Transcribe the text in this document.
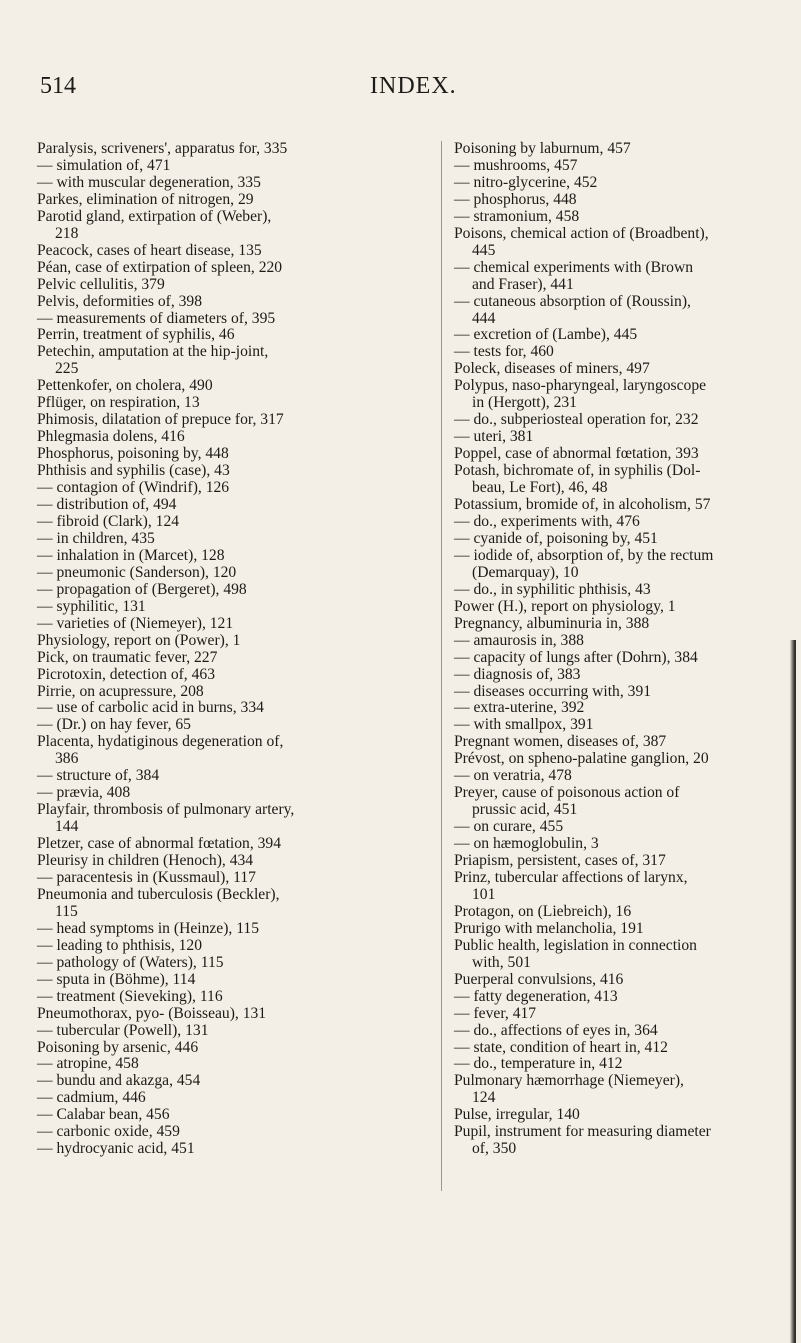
514	INDEX.
Paralysis, scriveners', apparatus for, 335
— simulation of, 471
— with muscular degeneration, 335
Parkes, elimination of nitrogen, 29
Parotid gland, extirpation of (Weber),
218
Peacock, cases of heart disease, 135
Péan, case of extirpation of spleen, 220
Pelvic cellulitis, 379
Pelvis, deformities of, 398
— measurements of diameters of, 395
Perrin, treatment of syphilis, 46
Petechin, amputation at the hip-joint,
225
Pettenkofer, on cholera, 490
Pflüger, on respiration, 13
Phimosis, dilatation of prepuce for, 317
Phlegmasia dolens, 416
Phosphorus, poisoning by, 448
Phthisis and syphilis (case), 43
— contagion of (Windrif), 126
— distribution of, 494
— fibroid (Clark), 124
— in children, 435
— inhalation in (Marcet), 128
— pneumonic (Sanderson), 120
— propagation of (Bergeret), 498
— syphilitic, 131
— varieties of (Niemeyer), 121
Physiology, report on (Power), 1
Pick, on traumatic fever, 227
Picrotoxin, detection of, 463
Pirrie, on acupressure, 208
— use of carbolic acid in burns, 334
— (Dr.) on hay fever, 65
Placenta, hydatiginous degeneration of,
386
— structure of, 384
— prævia, 408
Playfair, thrombosis of pulmonary artery,
144
Pletzer, case of abnormal fœtation, 394
Pleurisy in children (Henoch), 434
— paracentesis in (Kussmaul), 117
Pneumonia and tuberculosis (Beckler),
115
— head symptoms in (Heinze), 115
— leading to phthisis, 120
— pathology of (Waters), 115
— sputa in (Böhme), 114
— treatment (Sieveking), 116
Pneumothorax, pyo- (Boisseau), 131
— tubercular (Powell), 131
Poisoning by arsenic, 446
— atropine, 458
— bundu and akazga, 454
— cadmium, 446
— Calabar bean, 456
— carbonic oxide, 459
— hydrocyanic acid, 451
Poisoning by laburnum, 457
— mushrooms, 457
— nitro-glycerine, 452
— phosphorus, 448
— stramonium, 458
Poisons, chemical action of (Broadbent),
445
— chemical experiments with (Brown
and Fraser), 441
— cutaneous absorption of (Roussin),
444
— excretion of (Lambe), 445
— tests for, 460
Poleck, diseases of miners, 497
Polypus, naso-pharyngeal, laryngoscope
in (Hergott), 231
— do., subperiosteal operation for, 232
— uteri, 381
Poppel, case of abnormal fœtation, 393
Potash, bichromate of, in syphilis (Dol-
beau, Le Fort), 46, 48
Potassium, bromide of, in alcoholism, 57
— do., experiments with, 476
— cyanide of, poisoning by, 451
— iodide of, absorption of, by the rectum
(Demarquay), 10
— do., in syphilitic phthisis, 43
Power (H.), report on physiology, 1
Pregnancy, albuminuria in, 388
— amaurosis in, 388
— capacity of lungs after (Dohrn), 384
— diagnosis of, 383
— diseases occurring with, 391
— extra-uterine, 392
— with smallpox, 391
Pregnant women, diseases of, 387
Prévost, on spheno-palatine ganglion, 20
— on veratria, 478
Preyer, cause of poisonous action of
prussic acid, 451
— on curare, 455
— on hæmoglobulin, 3
Priapism, persistent, cases of, 317
Prinz, tubercular affections of larynx,
101
Protagon, on (Liebreich), 16
Prurigo with melancholia, 191
Public health, legislation in connection
with, 501
Puerperal convulsions, 416
— fatty degeneration, 413
— fever, 417
— do., affections of eyes in, 364
— state, condition of heart in, 412
— do., temperature in, 412
Pulmonary hæmorrhage (Niemeyer),
124
Pulse, irregular, 140
Pupil, instrument for measuring diameter
of, 350
